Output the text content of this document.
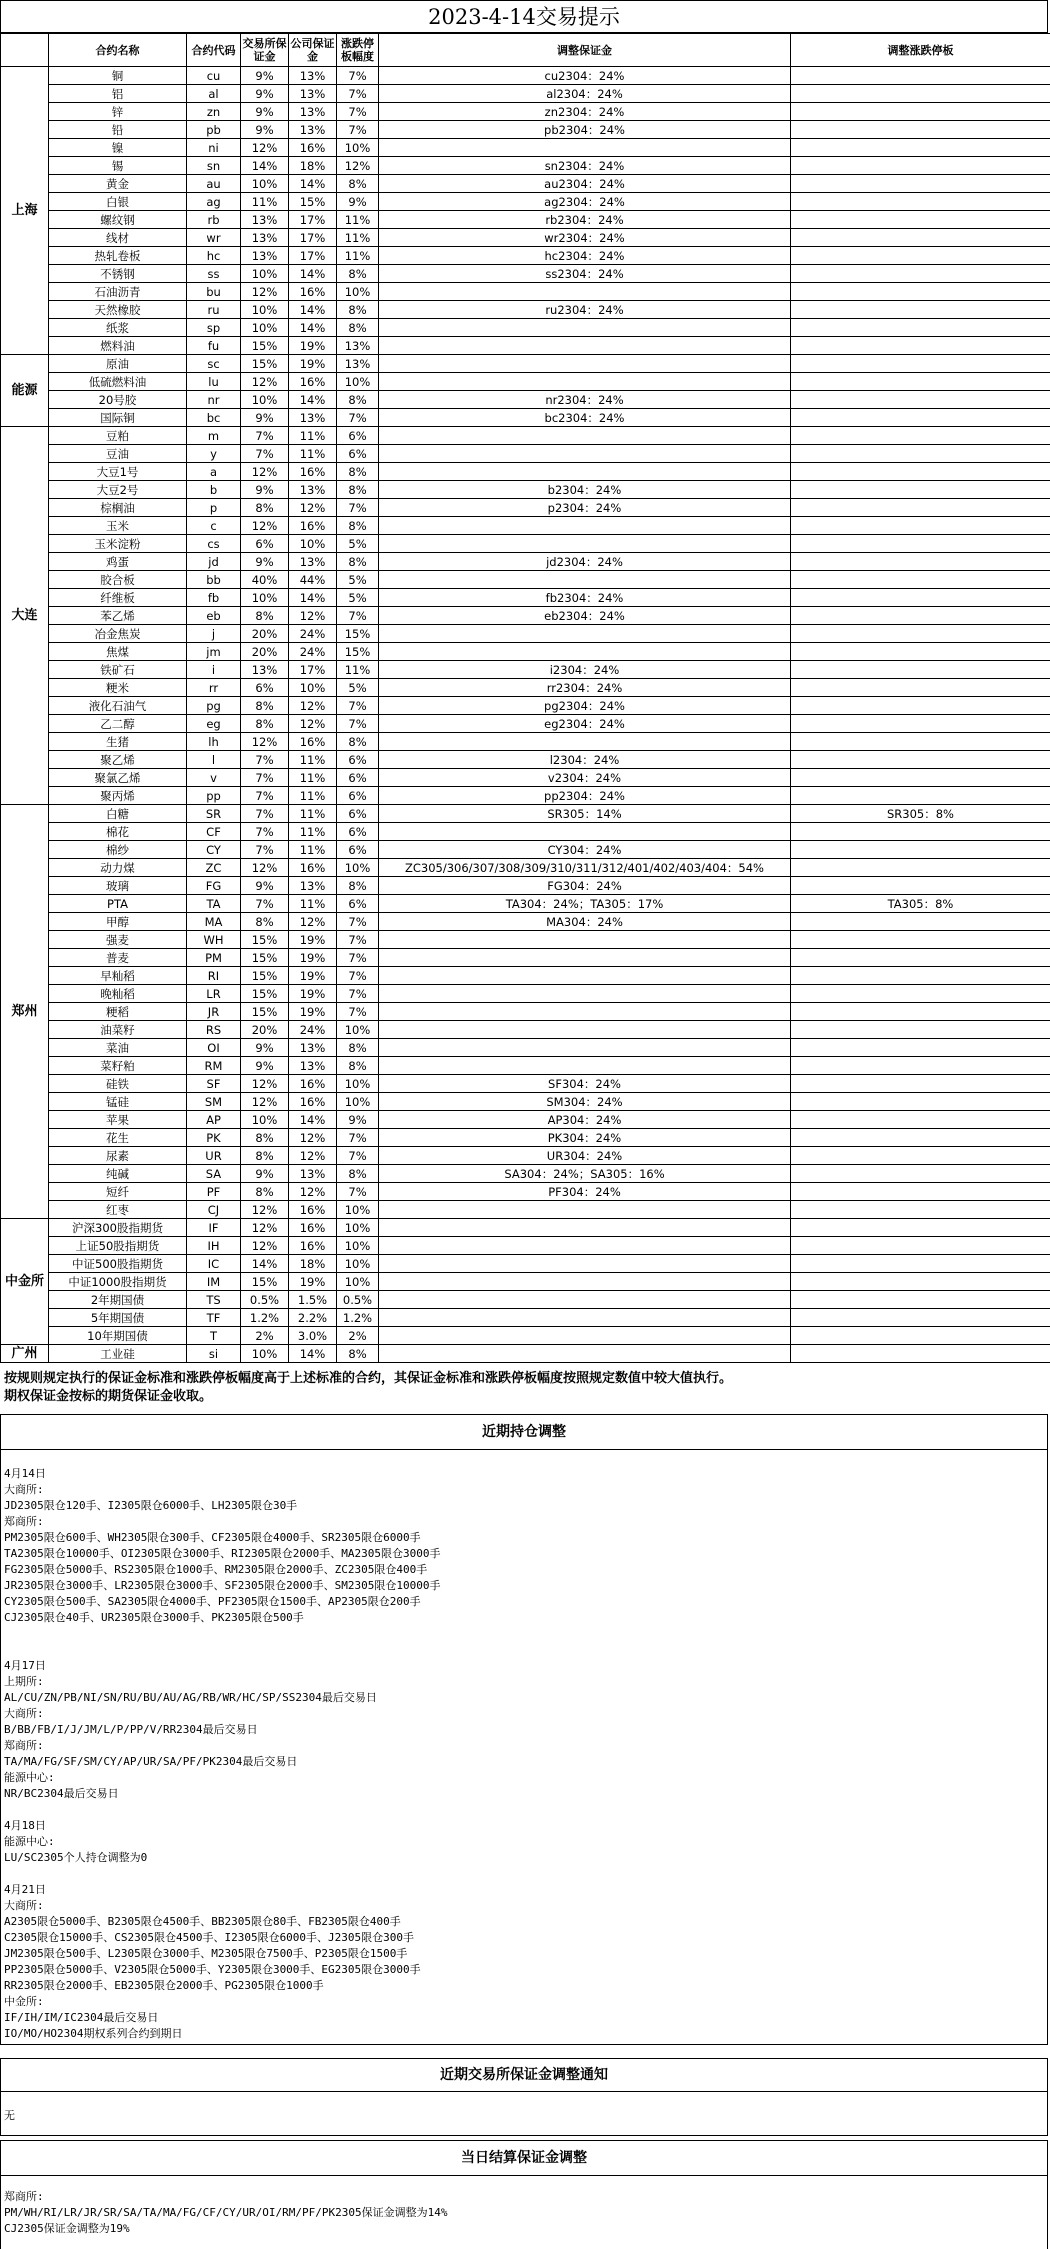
2023-4-14交易提示
	合约名称	合约代码	交易所保证金	公司保证金	涨跌停板幅度	调整保证金	调整涨跌停板
上海	铜	cu	9%	13%	7%	cu2304：24%	
	铝	al	9%	13%	7%	al2304：24%	
	锌	zn	9%	13%	7%	zn2304：24%	
	铅	pb	9%	13%	7%	pb2304：24%	
	镍	ni	12%	16%	10%		
	锡	sn	14%	18%	12%	sn2304：24%	
	黄金	au	10%	14%	8%	au2304：24%	
	白银	ag	11%	15%	9%	ag2304：24%	
	螺纹钢	rb	13%	17%	11%	rb2304：24%	
	线材	wr	13%	17%	11%	wr2304：24%	
	热轧卷板	hc	13%	17%	11%	hc2304：24%	
	不锈钢	ss	10%	14%	8%	ss2304：24%	
	石油沥青	bu	12%	16%	10%		
	天然橡胶	ru	10%	14%	8%	ru2304：24%	
	纸浆	sp	10%	14%	8%		
	燃料油	fu	15%	19%	13%		
能源	原油	sc	15%	19%	13%		
	低硫燃料油	lu	12%	16%	10%		
	20号胶	nr	10%	14%	8%	nr2304：24%	
	国际铜	bc	9%	13%	7%	bc2304：24%	
大连	豆粕	m	7%	11%	6%		
	豆油	y	7%	11%	6%		
	大豆1号	a	12%	16%	8%		
	大豆2号	b	9%	13%	8%	b2304：24%	
	棕榈油	p	8%	12%	7%	p2304：24%	
	玉米	c	12%	16%	8%		
	玉米淀粉	cs	6%	10%	5%		
	鸡蛋	jd	9%	13%	8%	jd2304：24%	
	胶合板	bb	40%	44%	5%		
	纤维板	fb	10%	14%	5%	fb2304：24%	
	苯乙烯	eb	8%	12%	7%	eb2304：24%	
	冶金焦炭	j	20%	24%	15%		
	焦煤	jm	20%	24%	15%		
	铁矿石	i	13%	17%	11%	i2304：24%	
	粳米	rr	6%	10%	5%	rr2304：24%	
	液化石油气	pg	8%	12%	7%	pg2304：24%	
	乙二醇	eg	8%	12%	7%	eg2304：24%	
	生猪	lh	12%	16%	8%		
	聚乙烯	l	7%	11%	6%	l2304：24%	
	聚氯乙烯	v	7%	11%	6%	v2304：24%	
	聚丙烯	pp	7%	11%	6%	pp2304：24%	
郑州	白糖	SR	7%	11%	6%	SR305：14%	SR305：8%
	棉花	CF	7%	11%	6%		
	棉纱	CY	7%	11%	6%	CY304：24%	
	动力煤	ZC	12%	16%	10%	ZC305/306/307/308/309/310/311/312/401/402/403/404：54%	
	玻璃	FG	9%	13%	8%	FG304：24%	
	PTA	TA	7%	11%	6%	TA304：24%；TA305：17%	TA305：8%
	甲醇	MA	8%	12%	7%	MA304：24%	
	强麦	WH	15%	19%	7%		
	普麦	PM	15%	19%	7%		
	早籼稻	RI	15%	19%	7%		
	晚籼稻	LR	15%	19%	7%		
	粳稻	JR	15%	19%	7%		
	油菜籽	RS	20%	24%	10%		
	菜油	OI	9%	13%	8%		
	菜籽粕	RM	9%	13%	8%		
	硅铁	SF	12%	16%	10%	SF304：24%	
	锰硅	SM	12%	16%	10%	SM304：24%	
	苹果	AP	10%	14%	9%	AP304：24%	
	花生	PK	8%	12%	7%	PK304：24%	
	尿素	UR	8%	12%	7%	UR304：24%	
	纯碱	SA	9%	13%	8%	SA304：24%；SA305：16%	
	短纤	PF	8%	12%	7%	PF304：24%	
	红枣	CJ	12%	16%	10%		
中金所	沪深300股指期货	IF	12%	16%	10%		
	上证50股指期货	IH	12%	16%	10%		
	中证500股指期货	IC	14%	18%	10%		
	中证1000股指期货	IM	15%	19%	10%		
	2年期国债	TS	0.5%	1.5%	0.5%		
	5年期国债	TF	1.2%	2.2%	1.2%		
	10年期国债	T	2%	3.0%	2%		
广州	工业硅	si	10%	14%	8%		
按规则规定执行的保证金标准和涨跌停板幅度高于上述标准的合约，其保证金标准和涨跌停板幅度按照规定数值中较大值执行。
期权保证金按标的期货保证金收取。
近期持仓调整
4月14日
大商所:
JD2305限仓120手、I2305限仓6000手、LH2305限仓30手
郑商所:
PM2305限仓600手、WH2305限仓300手、CF2305限仓4000手、SR2305限仓6000手
TA2305限仓10000手、OI2305限仓3000手、RI2305限仓2000手、MA2305限仓3000手
FG2305限仓5000手、RS2305限仓1000手、RM2305限仓2000手、ZC2305限仓400手
JR2305限仓3000手、LR2305限仓3000手、SF2305限仓2000手、SM2305限仓10000手
CY2305限仓500手、SA2305限仓4000手、PF2305限仓1500手、AP2305限仓200手
CJ2305限仓40手、UR2305限仓3000手、PK2305限仓500手

4月17日
上期所:
AL/CU/ZN/PB/NI/SN/RU/BU/AU/AG/RB/WR/HC/SP/SS2304最后交易日
大商所:
B/BB/FB/I/J/JM/L/P/PP/V/RR2304最后交易日
郑商所:
TA/MA/FG/SF/SM/CY/AP/UR/SA/PF/PK2304最后交易日
能源中心:
NR/BC2304最后交易日

4月18日
能源中心:
LU/SC2305个人持仓调整为0

4月21日
大商所:
A2305限仓5000手、B2305限仓4500手、BB2305限仓80手、FB2305限仓400手
C2305限仓15000手、CS2305限仓4500手、I2305限仓6000手、J2305限仓300手
JM2305限仓500手、L2305限仓3000手、M2305限仓7500手、P2305限仓1500手
PP2305限仓5000手、V2305限仓5000手、Y2305限仓3000手、EG2305限仓3000手
RR2305限仓2000手、EB2305限仓2000手、PG2305限仓1000手
中金所:
IF/IH/IM/IC2304最后交易日
IO/MO/HO2304期权系列合约到期日
近期交易所保证金调整通知
无
当日结算保证金调整
郑商所:
PM/WH/RI/LR/JR/SR/SA/TA/MA/FG/CF/CY/UR/OI/RM/PF/PK2305保证金调整为14%
CJ2305保证金调整为19%
